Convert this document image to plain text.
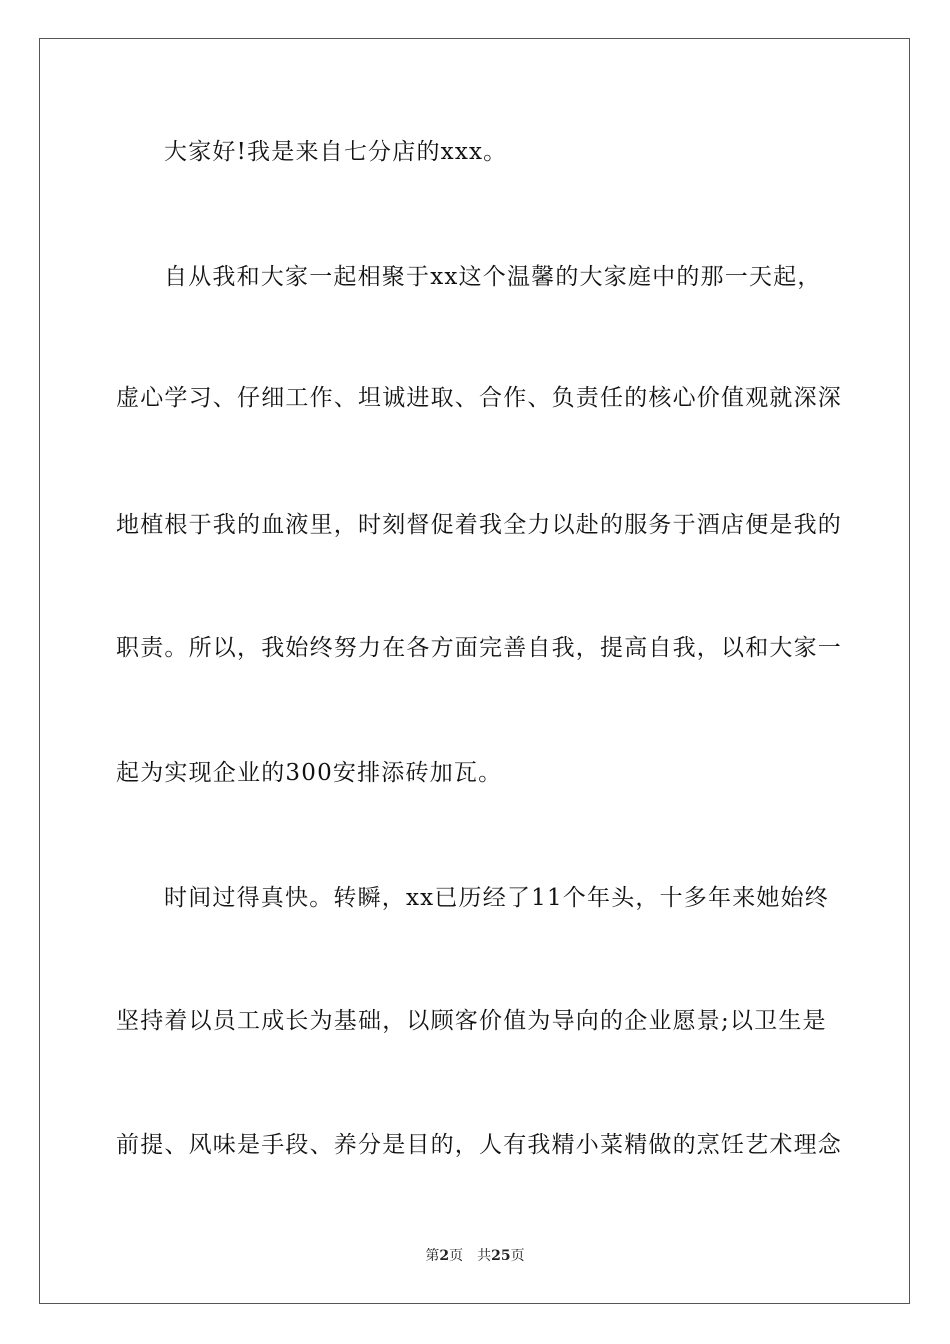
大家好!我是来自七分店的xxx。
自从我和大家一起相聚于xx这个温馨的大家庭中的那一天起，
虚心学习、仔细工作、坦诚进取、合作、负责任的核心价值观就深深
地植根于我的血液里，时刻督促着我全力以赴的服务于酒店便是我的
职责。所以，我始终努力在各方面完善自我，提高自我，以和大家一
起为实现企业的300安排添砖加瓦。
时间过得真快。转瞬，xx已历经了11个年头，十多年来她始终
坚持着以员工成长为基础，以顾客价值为导向的企业愿景;以卫生是
前提、风味是手段、养分是目的，人有我精小菜精做的烹饪艺术理念
第2页 共25页
